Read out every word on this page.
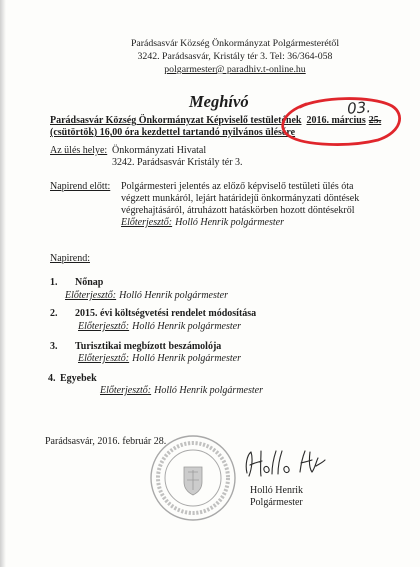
Parádsasvár Község Önkormányzat Polgármesterétől
3242. Parádsasvár, Kristály tér 3. Tel: 36/364-058
polgarmester@ paradhiv.t-online.hu
Meghívó
Parádsasvár Község Önkormányzat Képviselő testületének 2016. március 25.
(csütörtök) 16,00 óra kezdettel tartandó nyilvános ülésére
Az ülés helye: Önkormányzati Hivatal
3242. Parádsasvár Kristály tér 3.
Napirend előtt: Polgármesteri jelentés az előző képviselő testületi ülés óta
végzett munkáról, lejárt határidejű önkormányzati döntések
végrehajtásáról, átruházott hatáskörben hozott döntésekről
Előterjesztő: Holló Henrik polgármester
Napirend:
1. Nőnap
Előterjesztő: Holló Henrik polgármester
2. 2015. évi költségvetési rendelet módosítása
Előterjesztő: Holló Henrik polgármester
3. Turisztikai megbízott beszámolója
Előterjesztő: Holló Henrik polgármester
4. Egyebek
Előterjesztő: Holló Henrik polgármester
Parádsasvár, 2016. február 28.
Holló Henrik
Polgármester
03.
